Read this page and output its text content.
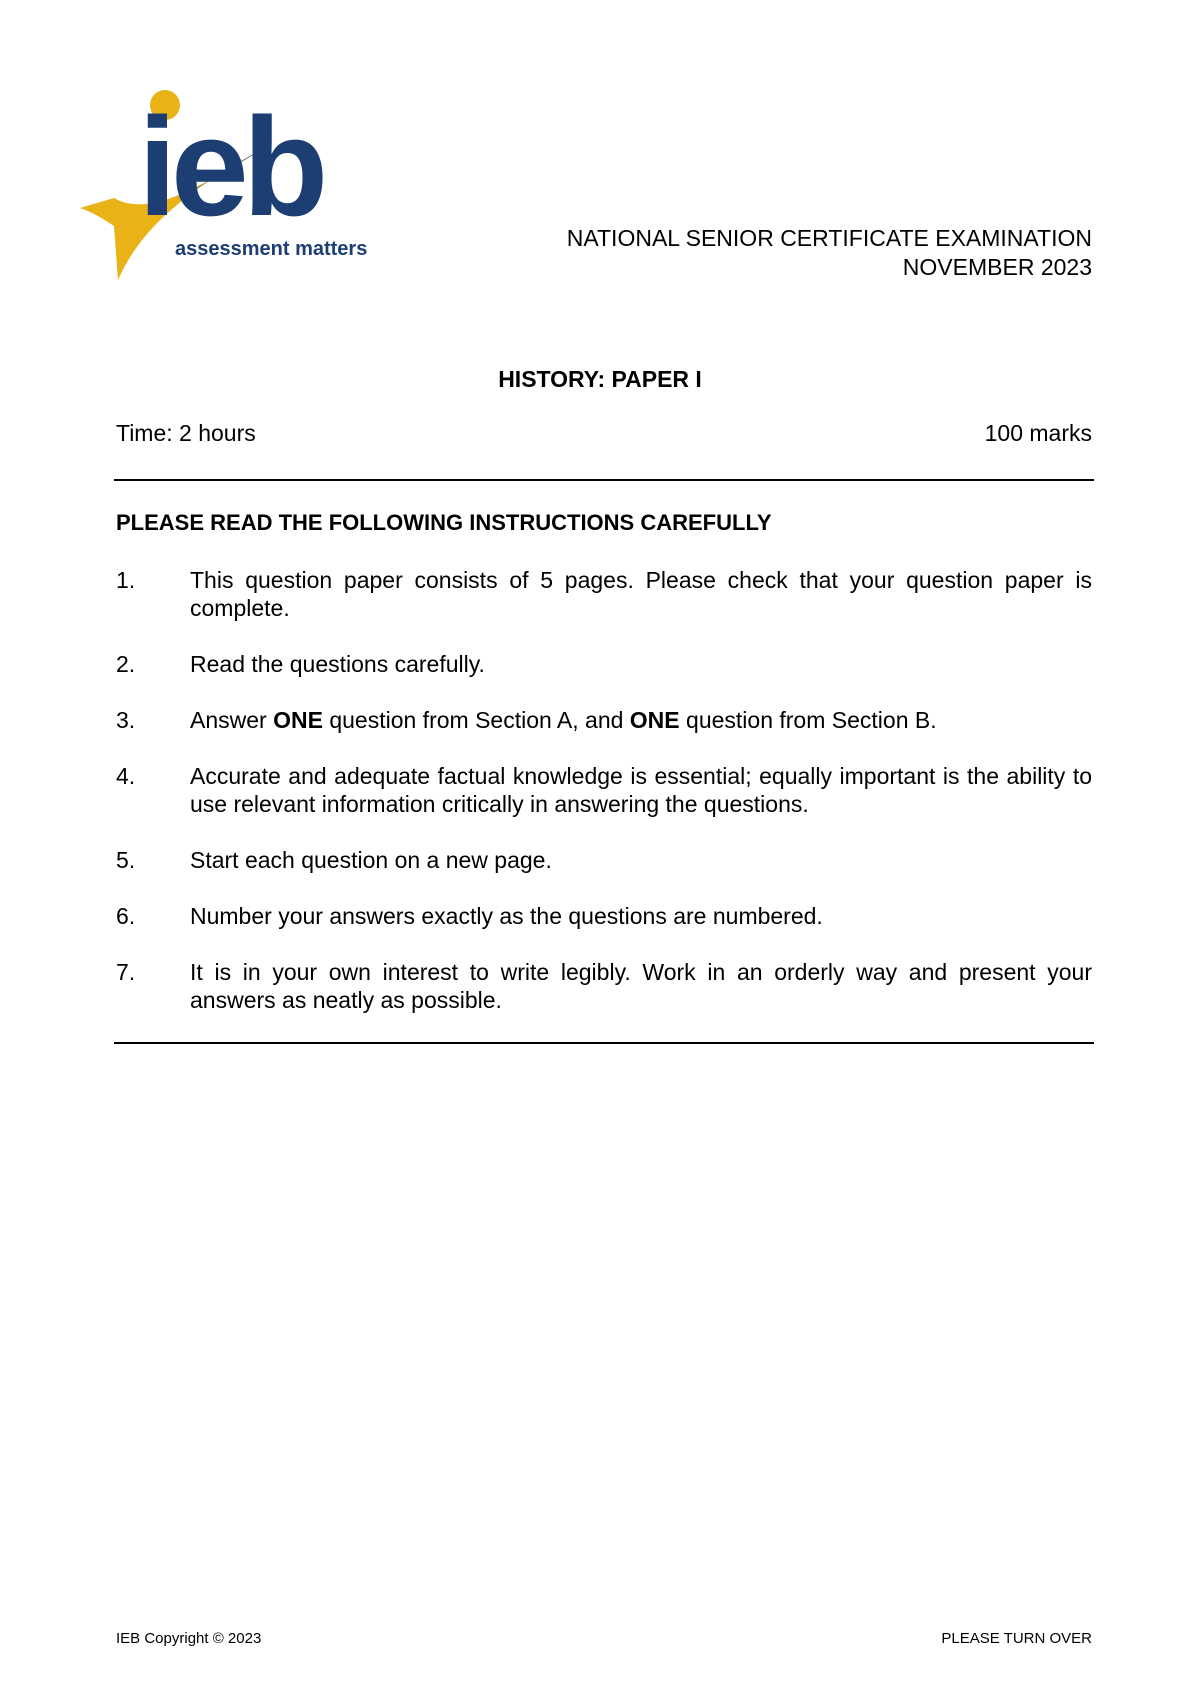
ieb
assessment matters	NATIONAL SENIOR CERTIFICATE EXAMINATION
NOVEMBER 2023
HISTORY: PAPER I
Time: 2 hours	100 marks
PLEASE READ THE FOLLOWING INSTRUCTIONS CAREFULLY
1.	This question paper consists of 5 pages. Please check that your question paper is complete.
2.	Read the questions carefully.
3.	Answer ONE question from Section A, and ONE question from Section B.
4.	Accurate and adequate factual knowledge is essential; equally important is the ability to use relevant information critically in answering the questions.
5.	Start each question on a new page.
6.	Number your answers exactly as the questions are numbered.
7.	It is in your own interest to write legibly. Work in an orderly way and present your answers as neatly as possible.
IEB Copyright © 2023	PLEASE TURN OVER
